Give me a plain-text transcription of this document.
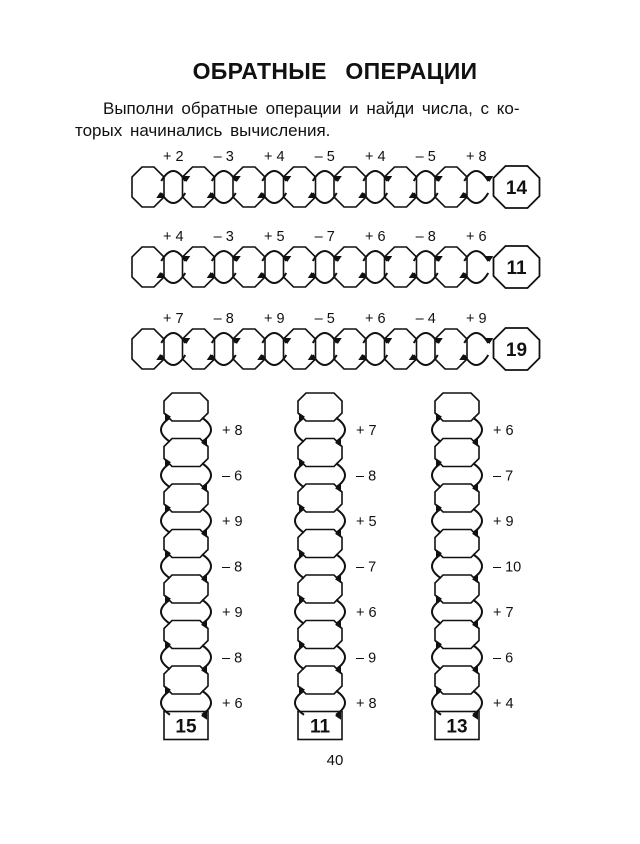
ОБРАТНЫЕ ОПЕРАЦИИ
Выполни обратные операции и найди числа, с ко-
торых начинались вычисления.
+ 2 – 3 + 4 – 5 + 4 – 5 + 8
14
+ 4 – 3 + 5 – 7 + 6 – 8 + 6
11
+ 7 – 8 + 9 – 5 + 6 – 4 + 9
19
15
+ 8
– 6
+ 9
– 8
+ 9
– 8
+ 6
11
+ 7
– 8
+ 5
– 7
+ 6
– 9
+ 8
13
+ 6
– 7
+ 9
– 10
+ 7
– 6
+ 4
40
